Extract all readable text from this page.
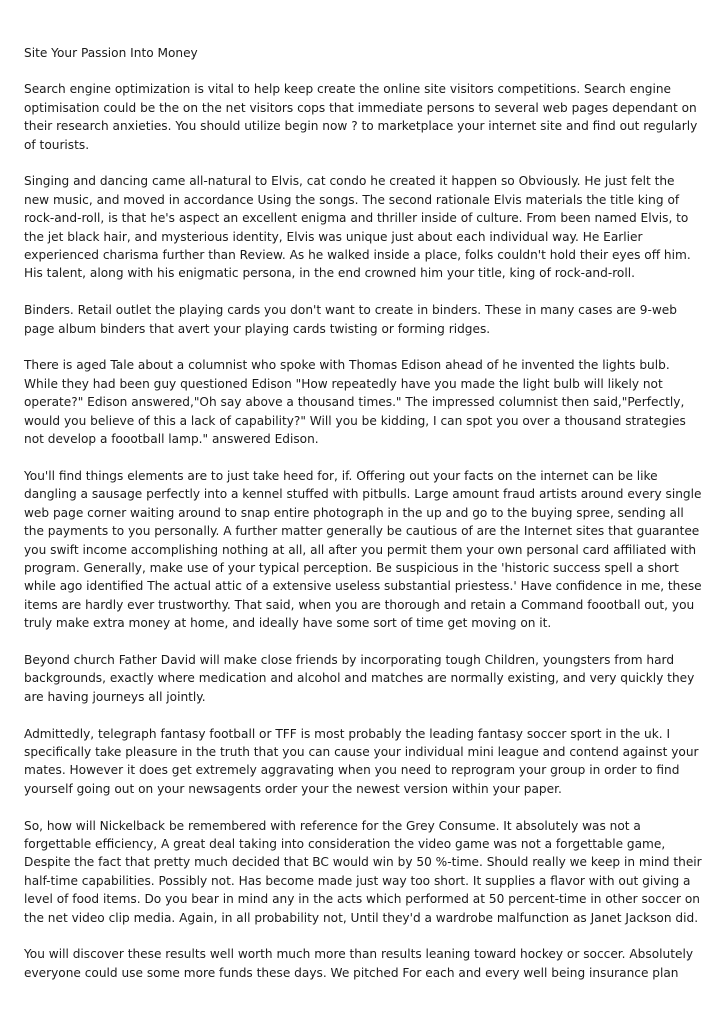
Site Your Passion Into Money
Search engine optimization is vital to help keep create the online site visitors competitions. Search engine optimisation could be the on the net visitors cops that immediate persons to several web pages dependant on their research anxieties. You should utilize begin now ? to marketplace your internet site and find out regularly of tourists.
Singing and dancing came all-natural to Elvis, cat condo he created it happen so Obviously. He just felt the new music, and moved in accordance Using the songs. The second rationale Elvis materials the title king of rock-and-roll, is that he's aspect an excellent enigma and thriller inside of culture. From been named Elvis, to the jet black hair, and mysterious identity, Elvis was unique just about each individual way. He Earlier experienced charisma further than Review. As he walked inside a place, folks couldn't hold their eyes off him. His talent, along with his enigmatic persona, in the end crowned him your title, king of rock-and-roll.
Binders. Retail outlet the playing cards you don't want to create in binders. These in many cases are 9-web page album binders that avert your playing cards twisting or forming ridges.
There is aged Tale about a columnist who spoke with Thomas Edison ahead of he invented the lights bulb. While they had been guy questioned Edison "How repeatedly have you made the light bulb will likely not operate?" Edison answered,"Oh say above a thousand times." The impressed columnist then said,"Perfectly, would you believe of this a lack of capability?" Will you be kidding, I can spot you over a thousand strategies not develop a foootball lamp." answered Edison.
You'll find things elements are to just take heed for, if. Offering out your facts on the internet can be like dangling a sausage perfectly into a kennel stuffed with pitbulls. Large amount fraud artists around every single web page corner waiting around to snap entire photograph in the up and go to the buying spree, sending all the payments to you personally. A further matter generally be cautious of are the Internet sites that guarantee you swift income accomplishing nothing at all, all after you permit them your own personal card affiliated with program. Generally, make use of your typical perception. Be suspicious in the 'historic success spell a short while ago identified The actual attic of a extensive useless substantial priestess.' Have confidence in me, these items are hardly ever trustworthy. That said, when you are thorough and retain a Command foootball out, you truly make extra money at home, and ideally have some sort of time get moving on it.
Beyond church Father David will make close friends by incorporating tough Children, youngsters from hard backgrounds, exactly where medication and alcohol and matches are normally existing, and very quickly they are having journeys all jointly.
Admittedly, telegraph fantasy football or TFF is most probably the leading fantasy soccer sport in the uk. I specifically take pleasure in the truth that you can cause your individual mini league and contend against your mates. However it does get extremely aggravating when you need to reprogram your group in order to find yourself going out on your newsagents order your the newest version within your paper.
So, how will Nickelback be remembered with reference for the Grey Consume. It absolutely was not a forgettable efficiency, A great deal taking into consideration the video game was not a forgettable game, Despite the fact that pretty much decided that BC would win by 50 %-time. Should really we keep in mind their half-time capabilities. Possibly not. Has become made just way too short. It supplies a flavor with out giving a level of food items. Do you bear in mind any in the acts which performed at 50 percent-time in other soccer on the net video clip media. Again, in all probability not, Until they'd a wardrobe malfunction as Janet Jackson did.
You will discover these results well worth much more than results leaning toward hockey or soccer. Absolutely everyone could use some more funds these days. We pitched For each and every well being insurance plan
